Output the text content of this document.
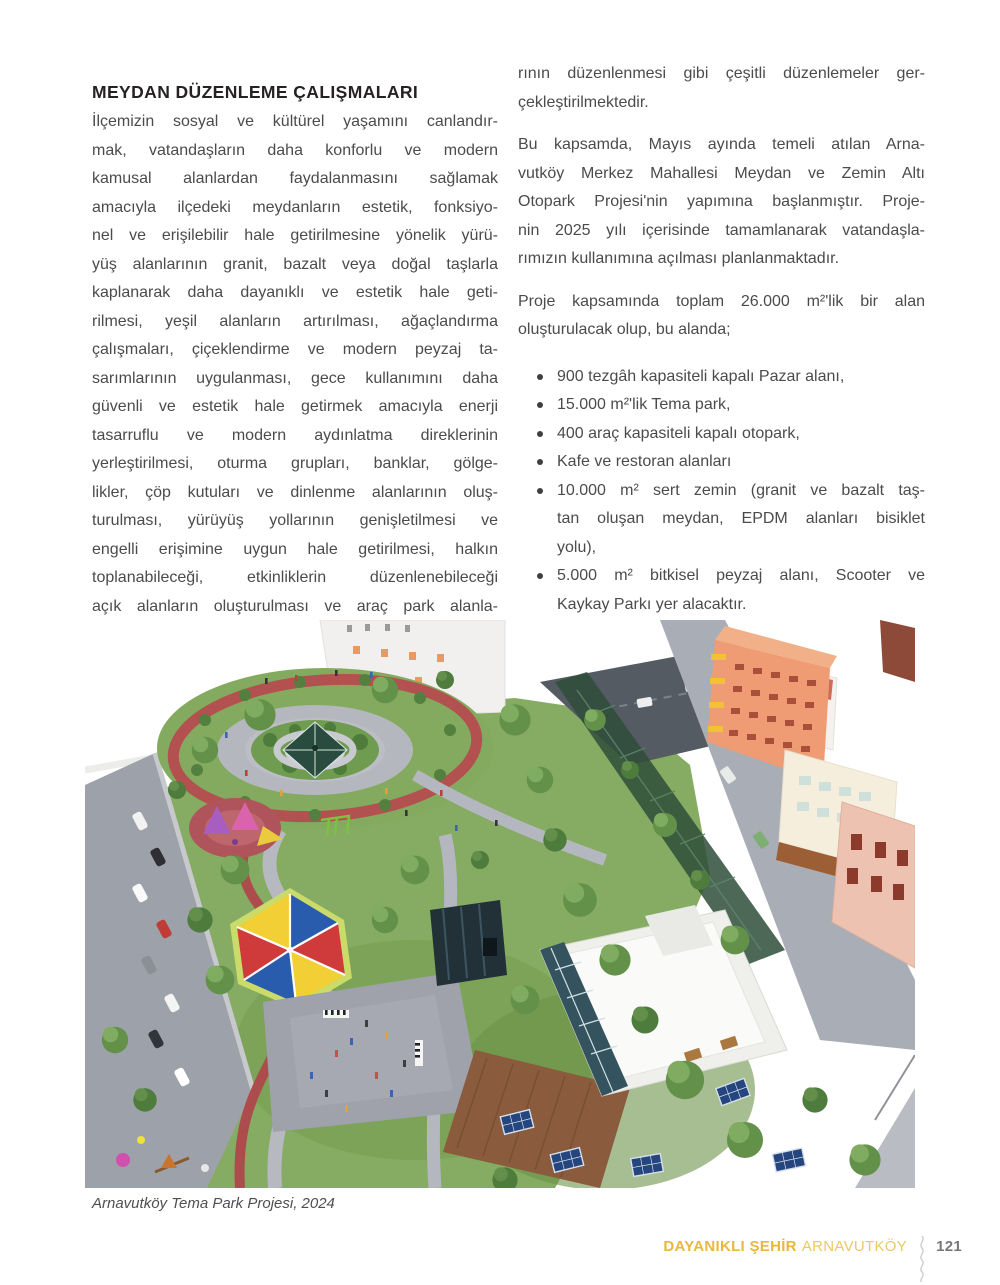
MEYDAN DÜZENLEME ÇALIŞMALARI
İlçemizin sosyal ve kültürel yaşamını canlandır-
mak, vatandaşların daha konforlu ve modern
kamusal alanlardan faydalanmasını sağlamak
amacıyla ilçedeki meydanların estetik, fonksiyo-
nel ve erişilebilir hale getirilmesine yönelik yürü-
yüş alanlarının granit, bazalt veya doğal taşlarla
kaplanarak daha dayanıklı ve estetik hale geti-
rilmesi, yeşil alanların artırılması, ağaçlandırma
çalışmaları, çiçeklendirme ve modern peyzaj ta-
sarımlarının uygulanması, gece kullanımını daha
güvenli ve estetik hale getirmek amacıyla enerji
tasarruflu ve modern aydınlatma direklerinin
yerleştirilmesi, oturma grupları, banklar, gölge-
likler, çöp kutuları ve dinlenme alanlarının oluş-
turulması, yürüyüş yollarının genişletilmesi ve
engelli erişimine uygun hale getirilmesi, halkın
toplanabileceği, etkinliklerin düzenlenebileceği
açık alanların oluşturulması ve araç park alanla-
rının düzenlenmesi gibi çeşitli düzenlemeler ger-
çekleştirilmektedir.
Bu kapsamda, Mayıs ayında temeli atılan Arna-
vutköy Merkez Mahallesi Meydan ve Zemin Altı
Otopark Projesi'nin yapımına başlanmıştır. Proje-
nin 2025 yılı içerisinde tamamlanarak vatandaşla-
rımızın kullanımına açılması planlanmaktadır.
Proje kapsamında toplam 26.000 m²'lik bir alan
oluşturulacak olup, bu alanda;
900 tezgâh kapasiteli kapalı Pazar alanı,
15.000 m²'lik Tema park,
400 araç kapasiteli kapalı otopark,
Kafe ve restoran alanları
10.000 m² sert zemin (granit ve bazalt taş-
tan oluşan meydan, EPDM alanları bisiklet
yolu),
5.000 m² bitkisel peyzaj alanı, Scooter ve
Kaykay Parkı yer alacaktır.
Arnavutköy Tema Park Projesi, 2024
DAYANIKLI ŞEHİR ARNAVUTKÖY 121
